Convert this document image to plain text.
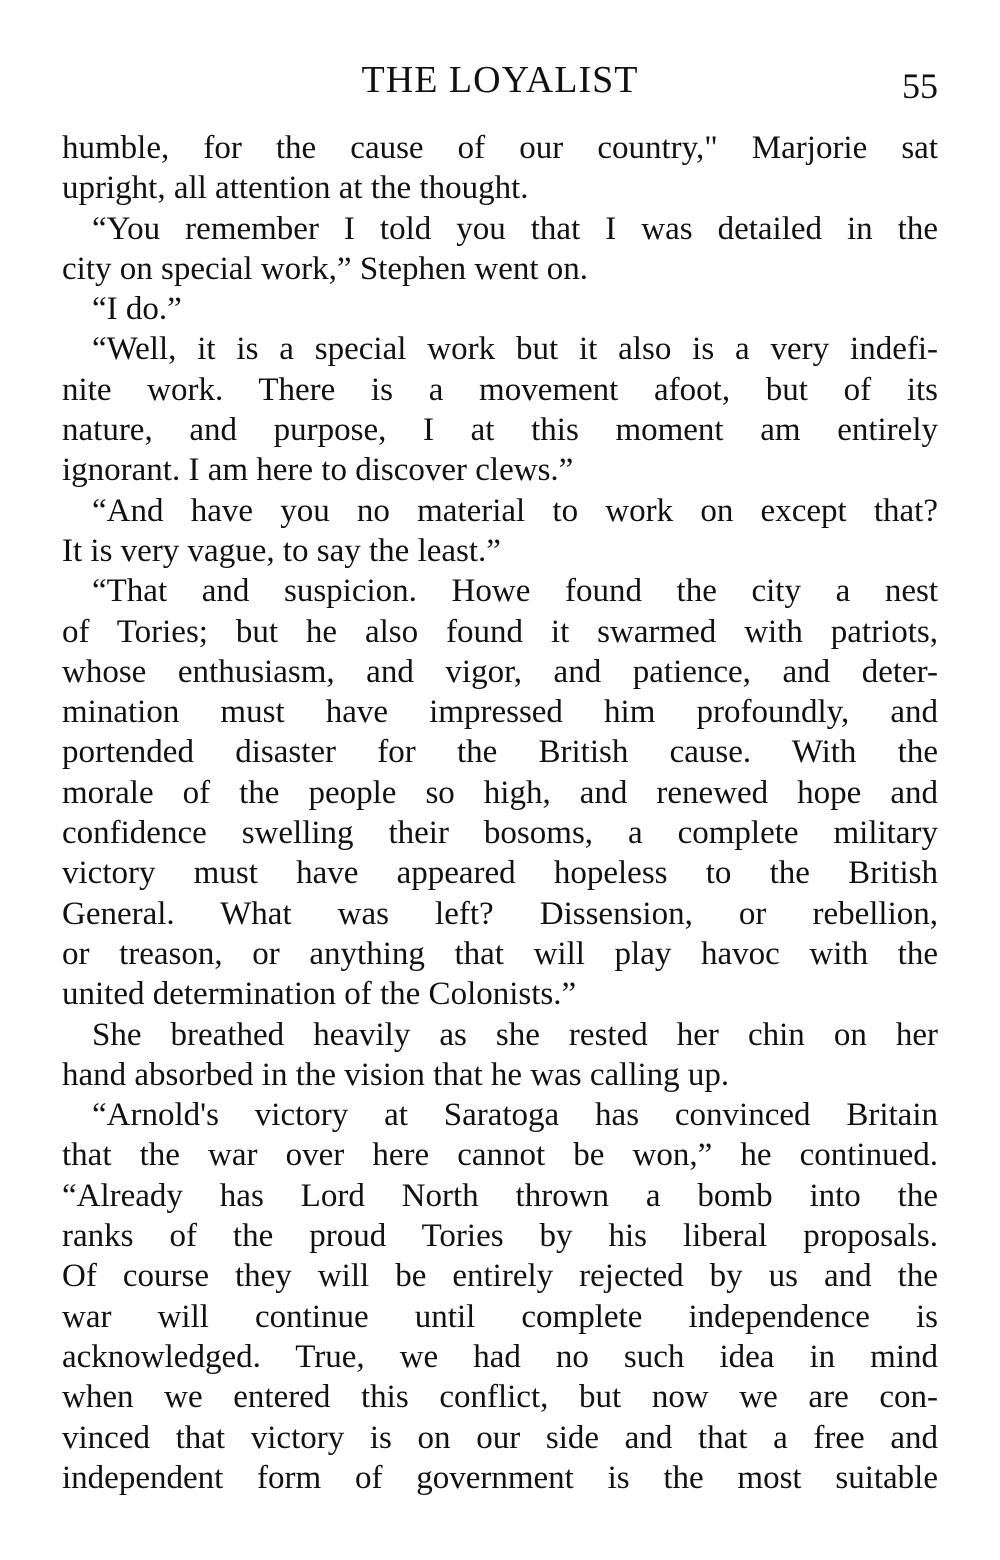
THE LOYALIST	55
humble, for the cause of our country," Marjorie sat
upright, all attention at the thought.
“You remember I told you that I was detailed in the
city on special work,” Stephen went on.
“I do.”
“Well, it is a special work but it also is a very indefi-
nite work. There is a movement afoot, but of its
nature, and purpose, I at this moment am entirely
ignorant. I am here to discover clews.”
“And have you no material to work on except that?
It is very vague, to say the least.”
“That and suspicion. Howe found the city a nest
of Tories; but he also found it swarmed with patriots,
whose enthusiasm, and vigor, and patience, and deter-
mination must have impressed him profoundly, and
portended disaster for the British cause. With the
morale of the people so high, and renewed hope and
confidence swelling their bosoms, a complete military
victory must have appeared hopeless to the British
General. What was left? Dissension, or rebellion,
or treason, or anything that will play havoc with the
united determination of the Colonists.”
She breathed heavily as she rested her chin on her
hand absorbed in the vision that he was calling up.
“Arnold's victory at Saratoga has convinced Britain
that the war over here cannot be won,” he continued.
“Already has Lord North thrown a bomb into the
ranks of the proud Tories by his liberal proposals.
Of course they will be entirely rejected by us and the
war will continue until complete independence is
acknowledged. True, we had no such idea in mind
when we entered this conflict, but now we are con-
vinced that victory is on our side and that a free and
independent form of government is the most suitable
